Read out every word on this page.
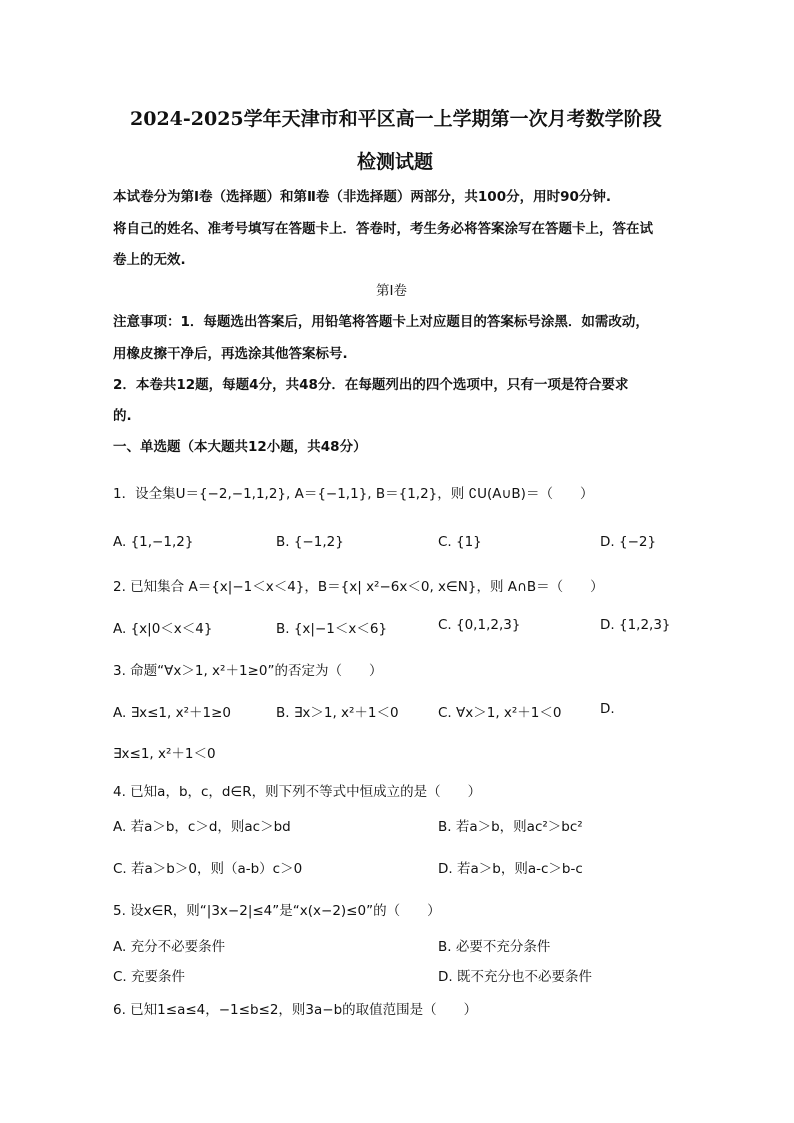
2024-2025学年天津市和平区高一上学期第一次月考数学阶段
检测试题
本试卷分为第Ⅰ卷（选择题）和第Ⅱ卷（非选择题）两部分，共100分，用时90分钟.
将自己的姓名、准考号填写在答题卡上．答卷时，考生务必将答案涂写在答题卡上，答在试
卷上的无效.
第Ⅰ卷
注意事项：1．每题选出答案后，用铅笔将答题卡上对应题目的答案标号涂黑．如需改动，
用橡皮擦干净后，再选涂其他答案标号.
2．本卷共12题，每题4分，共48分．在每题列出的四个选项中，只有一项是符合要求
的.
一、单选题（本大题共12小题，共48分）
1．设全集U＝{−2,−1,1,2}, A＝{−1,1}, B＝{1,2}，则 ∁U(A∪B)＝（　　）
A. {1,−1,2}	B. {−1,2}	C. {1}	D. {−2}
2. 已知集合 A＝{x|−1＜x＜4}，B＝{x| x²−6x＜0, x∈N}，则 A∩B＝（　　）
A. {x|0＜x＜4}	B. {x|−1＜x＜6}	C. {0,1,2,3}	D. {1,2,3}
3. 命题“∀x＞1, x²＋1≥0”的否定为（　　）
A. ∃x≤1, x²＋1≥0	B. ∃x＞1, x²＋1＜0	C. ∀x＞1, x²＋1＜0	D.
∃x≤1, x²＋1＜0
4. 已知a，b，c，d∈R，则下列不等式中恒成立的是（　　）
A. 若a＞b，c＞d，则ac＞bd	B. 若a＞b，则ac²＞bc²
C. 若a＞b＞0，则（a-b）c＞0	D. 若a＞b，则a-c＞b-c
5. 设x∈R，则“|3x−2|≤4”是“x(x−2)≤0”的（　　）
A. 充分不必要条件	B. 必要不充分条件
C. 充要条件	D. 既不充分也不必要条件
6. 已知1≤a≤4，−1≤b≤2，则3a−b的取值范围是（　　）
